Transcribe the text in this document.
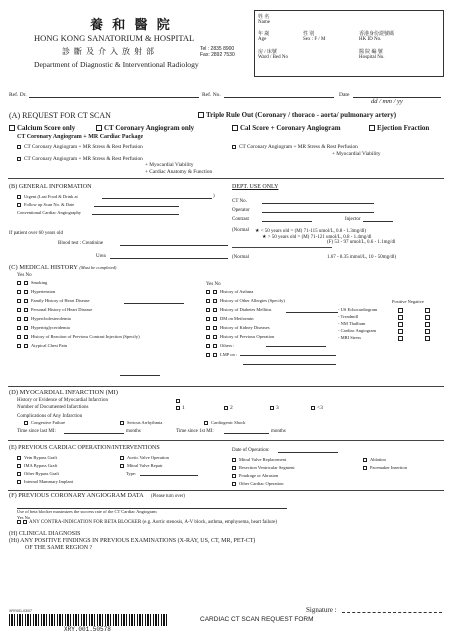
養 和 醫 院
HONG KONG SANATORIUM & HOSPITAL
診 斷 及 介 入 放 射 部	Tel : 2835 8900
Fax: 2892 7530
Department of Diagnostic & Interventional Radiology
姓 名
Name
年 歲	性 別	香港身份證號碼
Age	Sex : F / M	HK ID No.
房 / 床號	醫 院 編 號
Ward / Bed No	Hospital No.
Ref. Dr.	Ref. No.	Date
dd / mm / yy
(A) REQUEST FOR CT SCAN	Triple Rule Out (Coronary / thoraco - aorta/ pulmonary artery)
Calcium Score only	CT Coronary Angiogram only	Cal Score + Coronary Angiogram	Ejection Fraction
CT Coronary Angiogram + MR Cardiac Package
CT Coronary Angiogram + MR Stress & Rest Perfusion
CT Coronary Angiogram + MR Stress & Rest Perfusion
+ Myocardial Viability
+ Cardiac Anatomy & Function
CT Coronary Angiogram + MR Stress & Rest Perfusion
+ Myocardial Viability
(B) GENERAL INFORMATION
Urgent (Last Food & Drink at	)
Follow up Scan No. & Date
Conventional Cardiac Angiography
DEPT. USE ONLY
CT No.
Operator
Contrast	Injector
If patient over 60 years old
Blood test : Creatinine
Urea
(Normal ★ < 50 years old = (M) 71-115 umol/L, 0.8 - 1.3mg/dl)
★ > 50 years old = (M) 71-121 umol/L, 0.8 - 1.4mg/dl
(F) 53 - 97 umol/L, 0.6 - 1.1mg/dl
(Normal	1.67 - 8.35 mmol/L, 10 - 50mg/dl)
(C) MEDICAL HISTORY (Must be completed)
Yes No
Yes No
Smoking
Hypertension
Family History of Heart Disease
Personal History of Heart Disease
Hypercholesterolemia
Hypertriglyceridemia
History of Reaction of Previous Contrast Injection (Specify)
Atypical Chest Pain
History of Asthma
History of Other Allergies (Specify)
History of Diabetes Mellitus
DM on Metformin
History of Kidney Diseases
History of Previous Operation
Others :
LMP on :
Positive Negative
- US Echocardiogram
- Treadmill
- NM Thallium
- Cardiac Angiogram
- MRI Stress
(D) MYOCARDIAL INFARCTION (MI)
History or Evidence of Myocardial Infarction
Number of Documented Infarctions	1	2	3	<3
Complications of Any Infarction
Congestive Failure	Serious Arrhythmia	Cardiogenic Shock
Time since last MI:	months	Time since 1st MI:	months
(E) PREVIOUS CARDIAC OPERATION/INTERVENTIONS	Date of Operation:
Vein Bypass Graft
IMA Bypass Graft
Other Bypass Graft
Internal Mammary Implant
Aortic Valve Operation
Mitral Valve Repair
Type:
Mitral Valve Replacement
Resection Ventricular Segment
Poudrage or Abrasion
Other Cardiac Operation
Ablation
Pacemaker Insertion
(F) PREVIOUS CORONARY ANGIOGRAM DATA (Please turn over)
Use of beta blocker maximizes the success rate of the CT Cardiac Angiogram
Yes No
ANY CONTRA-INDICATION FOR BETA BLOCKER (e.g. Aortic stenosis, A-V block, asthma, emphysema, heart failure)
(H) CLINICAL DIAGNOSIS
(Hi) ANY POSITIVE FINDINGS IN PREVIOUS EXAMINATIONS (X-RAY, US, CT, MR, PET-CT)
OF THE SAME REGION ?
XRY001-03/07	Signature :
XRY.001.50578
CARDIAC CT SCAN REQUEST FORM
